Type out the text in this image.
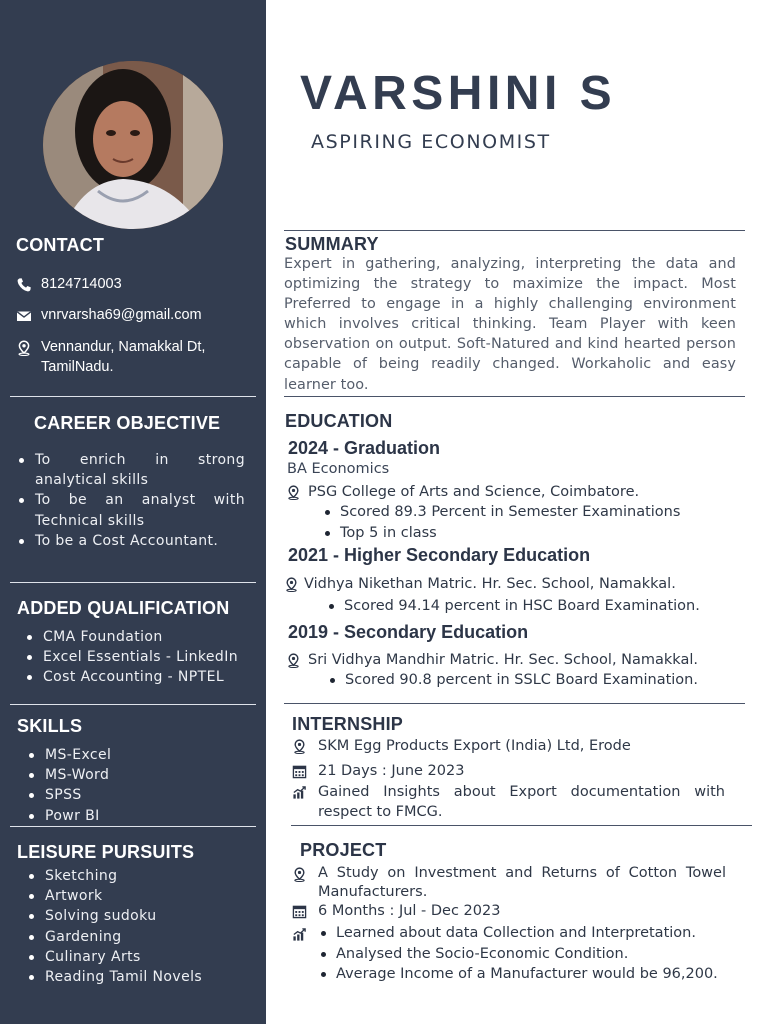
CONTACT
8124714003
vnrvarsha69@gmail.com
Vennandur, Namakkal Dt,
TamilNadu.
CAREER OBJECTIVE
To enrich in strong analytical skills
To be an analyst with Technical skills
To be a Cost Accountant.
ADDED QUALIFICATION
CMA Foundation
Excel Essentials - LinkedIn
Cost Accounting - NPTEL
SKILLS
MS-Excel
MS-Word
SPSS
Powr BI
LEISURE PURSUITS
Sketching
Artwork
Solving sudoku
Gardening
Culinary Arts
Reading Tamil Novels
VARSHINI S
ASPIRING ECONOMIST
SUMMARY
Expert in gathering, analyzing, interpreting the data and optimizing the strategy to maximize the impact. Most Preferred to engage in a highly challenging environment which involves critical thinking. Team Player with keen observation on output. Soft-Natured and kind hearted person capable of being readily changed. Workaholic and easy learner too.
EDUCATION
2024 - Graduation
BA Economics
PSG College of Arts and Science, Coimbatore.
Scored 89.3 Percent in Semester Examinations
Top 5 in class
2021 - Higher Secondary Education
Vidhya Nikethan Matric. Hr. Sec. School, Namakkal.
Scored 94.14 percent in HSC Board Examination.
2019 - Secondary Education
Sri Vidhya Mandhir Matric. Hr. Sec. School, Namakkal.
Scored 90.8 percent in SSLC Board Examination.
INTERNSHIP
SKM Egg Products Export (India) Ltd, Erode
21 Days : June 2023
Gained Insights about Export documentation with respect to FMCG.
PROJECT
A Study on Investment and Returns of Cotton Towel Manufacturers.
6 Months : Jul - Dec 2023
Learned about data Collection and Interpretation.
Analysed the Socio-Economic Condition.
Average Income of a Manufacturer would be 96,200.
